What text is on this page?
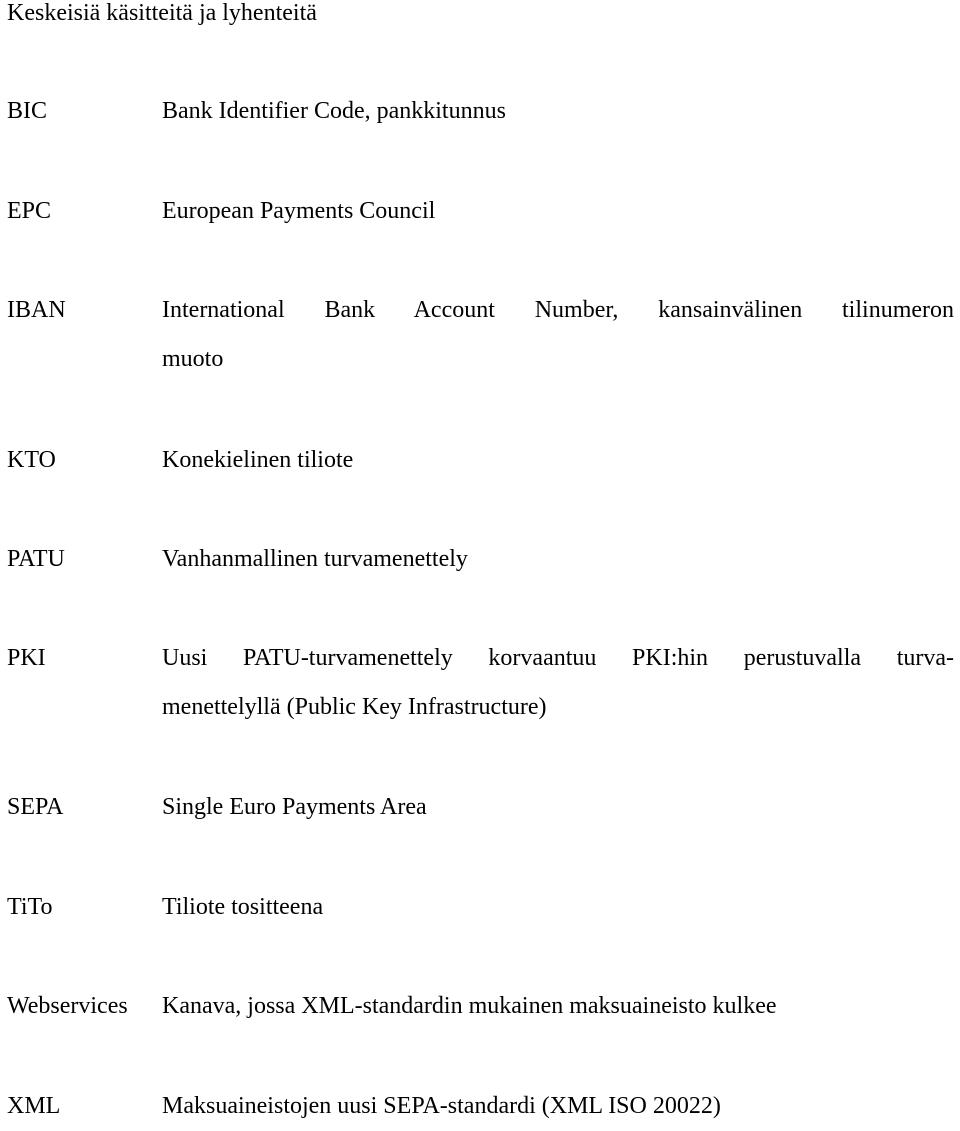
Keskeisiä käsitteitä ja lyhenteitä
BIC	Bank Identifier Code, pankkitunnus
EPC	European Payments Council
IBAN	International Bank Account Number, kansainvälinen tilinumeron
muoto
KTO	Konekielinen tiliote
PATU	Vanhanmallinen turvamenettely
PKI	Uusi PATU-turvamenettely korvaantuu PKI:hin perustuvalla turva-
menettelyllä (Public Key Infrastructure)
SEPA	Single Euro Payments Area
TiTo	Tiliote tositteena
Webservices Kanava, jossa XML-standardin mukainen maksuaineisto kulkee
XML	Maksuaineistojen uusi SEPA-standardi (XML ISO 20022)
